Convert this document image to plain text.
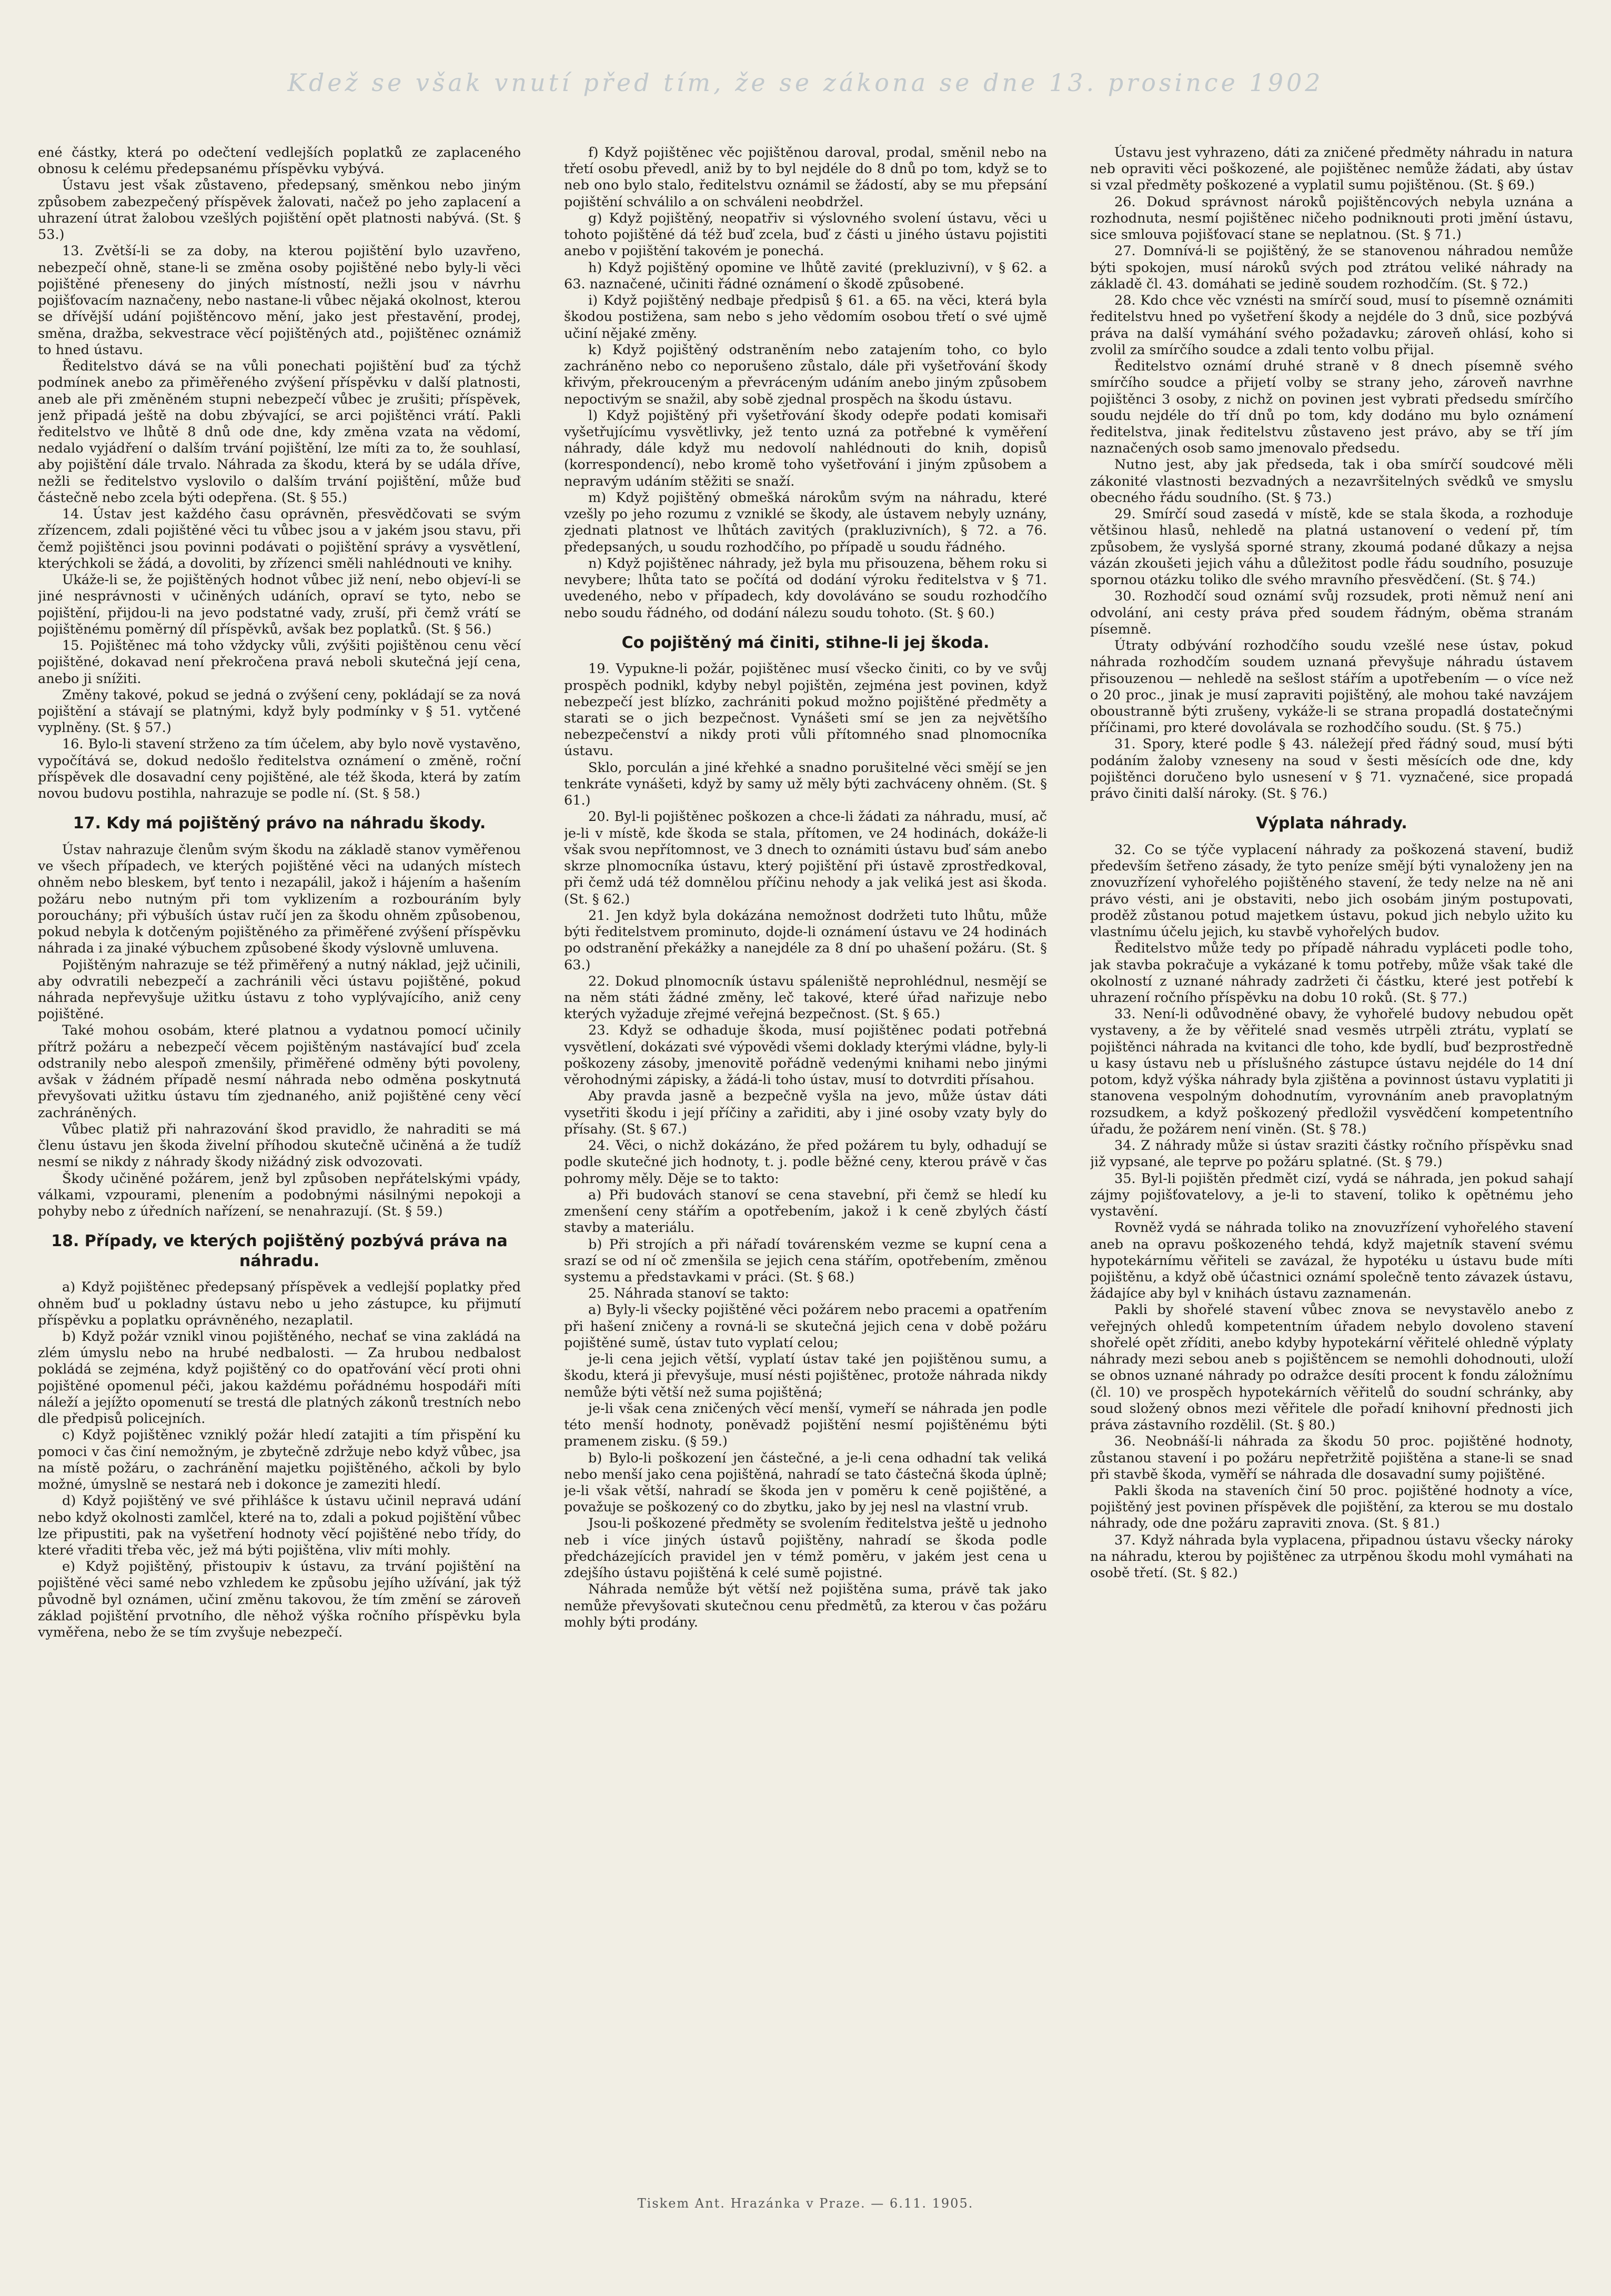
Kdež se však vnutí před tím, že se zákona se dne 13. prosince 1902

ené částky, která po odečtení vedlejších poplatků ze zaplaceného obnosu k celému předepsanému příspěvku vybývá.

Ústavu jest však zůstaveno, předepsaný, směnkou nebo jiným způsobem zabezpečený příspěvek žalovati, načež po jeho zaplacení a uhrazení útrat žalobou vzešlých pojištění opět platnosti nabývá. (St. § 53.)

13. Zvětší-li se za doby, na kterou pojištění bylo uzavřeno, nebezpečí ohně, stane-li se změna osoby pojištěné nebo byly-li věci pojištěné přeneseny do jiných místností, nežli jsou v návrhu pojišťovacím naznačeny, nebo nastane-li vůbec nějaká okolnost, kterou se dřívější udání pojištěncovo mění, jako jest přestavění, prodej, směna, dražba, sekvestrace věcí pojištěných atd., pojištěnec oznámiž to hned ústavu.

Ředitelstvo dává se na vůli ponechati pojištění buď za týchž podmínek anebo za přiměřeného zvýšení příspěvku v další platnosti, aneb ale při změněném stupni nebezpečí vůbec je zrušiti; příspěvek, jenž připadá ještě na dobu zbývající, se arci pojištěnci vrátí. Pakli ředitelstvo ve lhůtě 8 dnů ode dne, kdy změna vzata na vědomí, nedalo vyjádření o dalším trvání pojištění, lze míti za to, že souhlasí, aby pojištění dále trvalo. Náhrada za škodu, která by se udála dříve, nežli se ředitelstvo vyslovilo o dalším trvání pojištění, může buď částečně nebo zcela býti odepřena. (St. § 55.)

14. Ústav jest každého času oprávněn, přesvědčovati se svým zřízencem, zdali pojištěné věci tu vůbec jsou a v jakém jsou stavu, při čemž pojištěnci jsou povinni podávati o pojištění správy a vysvětlení, kterýchkoli se žádá, a dovoliti, by zřízenci směli nahlédnouti ve knihy.

Ukáže-li se, že pojištěných hodnot vůbec již není, nebo objeví-li se jiné nesprávnosti v učiněných udáních, opraví se tyto, nebo se pojištění, přijdou-li na jevo podstatné vady, zruší, při čemž vrátí se pojištěnému poměrný díl příspěvků, avšak bez poplatků. (St. § 56.)

15. Pojištěnec má toho vždycky vůli, zvýšiti pojištěnou cenu věcí pojištěné, dokavad není překročena pravá neboli skutečná její cena, anebo ji snížiti.

Změny takové, pokud se jedná o zvýšení ceny, pokládají se za nová pojištění a stávají se platnými, když byly podmínky v § 51. vytčené vyplněny. (St. § 57.)

16. Bylo-li stavení strženo za tím účelem, aby bylo nově vystavěno, vypočítává se, dokud nedošlo ředitelstva oznámení o změně, roční příspěvek dle dosavadní ceny pojištěné, ale též škoda, která by zatím novou budovu postihla, nahrazuje se podle ní. (St. § 58.)

17. Kdy má pojištěný právo na náhradu škody.

Ústav nahrazuje členům svým škodu na základě stanov vyměřenou ve všech případech, ve kterých pojištěné věci na udaných místech ohněm nebo bleskem, byť tento i nezapálil, jakož i hájením a hašením požáru nebo nutným při tom vyklizením a rozbouráním byly porouchány; při výbuších ústav ručí jen za škodu ohněm způsobenou, pokud nebyla k dotčeným pojištěného za přiměřené zvýšení příspěvku náhrada i za jinaké výbuchem způsobené škody výslovně umluvena.

Pojištěným nahrazuje se též přiměřený a nutný náklad, jejž učinili, aby odvratili nebezpečí a zachránili věci ústavu pojištěné, pokud náhrada nepřevyšuje užitku ústavu z toho vyplývajícího, aniž ceny pojištěné.

Také mohou osobám, které platnou a vydatnou pomocí učinily přítrž požáru a nebezpečí věcem pojištěným nastávající buď zcela odstranily nebo alespoň zmenšily, přiměřené odměny býti povoleny, avšak v žádném případě nesmí náhrada nebo odměna poskytnutá převyšovati užitku ústavu tím zjednaného, aniž pojištěné ceny věcí zachráněných.

Vůbec platiž při nahrazování škod pravidlo, že nahraditi se má členu ústavu jen škoda živelní příhodou skutečně učiněná a že tudíž nesmí se nikdy z náhrady škody nižádný zisk odvozovati.

Škody učiněné požárem, jenž byl způsoben nepřátelskými vpády, válkami, vzpourami, plenením a podobnými násilnými nepokoji a pohyby nebo z úředních nařízení, se nenahrazují. (St. § 59.)

18. Případy, ve kterých pojištěný pozbývá práva na náhradu.

a) Když pojištěnec předepsaný příspěvek a vedlejší poplatky před ohněm buď u pokladny ústavu nebo u jeho zástupce, ku přijmutí příspěvku a poplatku oprávněného, nezaplatil.

b) Když požár vznikl vinou pojištěného, nechať se vina zakládá na zlém úmyslu nebo na hrubé nedbalosti. — Za hrubou nedbalost pokládá se zejména, když pojištěný co do opatřování věcí proti ohni pojištěné opomenul péči, jakou každému pořádnému hospodáři míti náleží a jejížto opomenutí se trestá dle platných zákonů trestních nebo dle předpisů policejních.

c) Když pojištěnec vzniklý požár hledí zatajiti a tím přispění ku pomoci v čas činí nemožným, je zbytečně zdržuje nebo když vůbec, jsa na místě požáru, o zachránění majetku pojištěného, ačkoli by bylo možné, úmyslně se nestará neb i dokonce je zameziti hledí.

d) Když pojištěný ve své přihlášce k ústavu učinil nepravá udání nebo když okolnosti zamlčel, které na to, zdali a pokud pojištění vůbec lze připustiti, pak na vyšetření hodnoty věcí pojištěné nebo třídy, do které vřaditi třeba věc, jež má býti pojištěna, vliv míti mohly.

e) Když pojištěný, přistoupiv k ústavu, za trvání pojištění na pojištěné věci samé nebo vzhledem ke způsobu jejího užívání, jak týž původně byl oznámen, učiní změnu takovou, že tím změní se zároveň základ pojištění prvotního, dle něhož výška ročního příspěvku byla vyměřena, nebo že se tím zvyšuje nebezpečí.

f) Když pojištěnec věc pojištěnou daroval, prodal, směnil nebo na třetí osobu převedl, aniž by to byl nejdéle do 8 dnů po tom, když se to neb ono bylo stalo, ředitelstvu oznámil se žádostí, aby se mu přepsání pojištění schválilo a on schváleni neobdržel.

g) Když pojištěný, neopatřiv si výslovného svolení ústavu, věci u tohoto pojištěné dá též buď zcela, buď z části u jiného ústavu pojistiti anebo v pojištění takovém je ponechá.

h) Když pojištěný opomine ve lhůtě zavité (prekluzivní), v § 62. a 63. naznačené, učiniti řádné oznámení o škodě způsobené.

i) Když pojištěný nedbaje předpisů § 61. a 65. na věci, která byla škodou postižena, sam nebo s jeho vědomím osobou třetí o své ujmě učiní nějaké změny.

k) Když pojištěný odstraněním nebo zatajením toho, co bylo zachráněno nebo co neporušeno zůstalo, dále při vyšetřování škody křivým, překrouceným a převráceným udáním anebo jiným způsobem nepoctivým se snažil, aby sobě zjednal prospěch na škodu ústavu.

l) Když pojištěný při vyšetřování škody odepře podati komisaři vyšetřujícímu vysvětlivky, jež tento uzná za potřebné k vyměření náhrady, dále když mu nedovolí nahlédnouti do knih, dopisů (korrespondencí), nebo kromě toho vyšetřování i jiným způsobem a nepravým udáním stěžiti se snaží.

m) Když pojištěný obmešká nárokům svým na náhradu, které vzešly po jeho rozumu z vzniklé se škody, ale ústavem nebyly uznány, zjednati platnost ve lhůtách zavitých (prakluzivních), § 72. a 76. předepsaných, u soudu rozhodčího, po případě u soudu řádného.

n) Když pojištěnec náhrady, jež byla mu přisouzena, během roku si nevybere; lhůta tato se počítá od dodání výroku ředitelstva v § 71. uvedeného, nebo v případech, kdy dovoláváno se soudu rozhodčího nebo soudu řádného, od dodání nálezu soudu tohoto. (St. § 60.)

Co pojištěný má činiti, stihne-li jej škoda.

19. Vypukne-li požár, pojištěnec musí všecko činiti, co by ve svůj prospěch podnikl, kdyby nebyl pojištěn, zejména jest povinen, když nebezpečí jest blízko, zachrániti pokud možno pojištěné předměty a starati se o jich bezpečnost. Vynášeti smí se jen za největšího nebezpečenství a nikdy proti vůli přítomného snad plnomocníka ústavu.

Sklo, porculán a jiné křehké a snadno porušitelné věci smějí se jen tenkráte vynášeti, když by samy už měly býti zachváceny ohněm. (St. § 61.)

20. Byl-li pojištěnec poškozen a chce-li žádati za náhradu, musí, ač je-li v místě, kde škoda se stala, přítomen, ve 24 hodinách, dokáže-li však svou nepřítomnost, ve 3 dnech to oznámiti ústavu buď sám anebo skrze plnomocníka ústavu, který pojištění při ústavě zprostředkoval, při čemž udá též domnělou příčinu nehody a jak veliká jest asi škoda. (St. § 62.)

21. Jen když byla dokázána nemožnost dodržeti tuto lhůtu, může býti ředitelstvem prominuto, dojde-li oznámení ústavu ve 24 hodinách po odstranění překážky a nanejdéle za 8 dní po uhašení požáru. (St. § 63.)

22. Dokud plnomocník ústavu spáleniště neprohlédnul, nesmějí se na něm státi žádné změny, leč takové, které úřad nařizuje nebo kterých vyžaduje zřejmé veřejná bezpečnost. (St. § 65.)

23. Když se odhaduje škoda, musí pojištěnec podati potřebná vysvětlení, dokázati své výpovědi všemi doklady kterými vládne, byly-li poškozeny zásoby, jmenovitě pořádně vedenými knihami nebo jinými věrohodnými zápisky, a žádá-li toho ústav, musí to dotvrditi přísahou.

Aby pravda jasně a bezpečně vyšla na jevo, může ústav dáti vysetřiti škodu i její příčiny a zařiditi, aby i jiné osoby vzaty byly do přísahy. (St. § 67.)

24. Věci, o nichž dokázáno, že před požárem tu byly, odhadují se podle skutečné jich hodnoty, t. j. podle běžné ceny, kterou právě v čas pohromy měly. Děje se to takto:

a) Při budovách stanoví se cena stavební, při čemž se hledí ku zmenšení ceny stářím a opotřebením, jakož i k ceně zbylých částí stavby a materiálu.

b) Při strojích a při nářadí továrenském vezme se kupní cena a srazí se od ní oč zmenšila se jejich cena stářím, opotřebením, změnou systemu a představkami v práci. (St. § 68.)

25. Náhrada stanoví se takto:

a) Byly-li všecky pojištěné věci požárem nebo pracemi a opatřením při hašení zničeny a rovná-li se skutečná jejich cena v době požáru pojištěné sumě, ústav tuto vyplatí celou;

je-li cena jejich větší, vyplatí ústav také jen pojištěnou sumu, a škodu, která ji převyšuje, musí nésti pojištěnec, protože náhrada nikdy nemůže býti větší než suma pojištěná;

je-li však cena zničených věcí menší, vymeří se náhrada jen podle této menší hodnoty, poněvadž pojištění nesmí pojištěnému býti pramenem zisku. (§ 59.)

b) Bylo-li poškození jen částečné, a je-li cena odhadní tak veliká nebo menší jako cena pojištěná, nahradí se tato částečná škoda úplně; je-li však větší, nahradí se škoda jen v poměru k ceně pojištěné, a považuje se poškozený co do zbytku, jako by jej nesl na vlastní vrub.

Jsou-li poškozené předměty se svolením ředitelstva ještě u jednoho neb i více jiných ústavů pojištěny, nahradí se škoda podle předcházejících pravidel jen v témž poměru, v jakém jest cena u zdejšího ústavu pojištěná k celé sumě pojistné.

Náhrada nemůže být větší než pojištěna suma, právě tak jako nemůže převyšovati skutečnou cenu předmětů, za kterou v čas požáru mohly býti prodány.

Ústavu jest vyhrazeno, dáti za zničené předměty náhradu in natura neb opraviti věci poškozené, ale pojištěnec nemůže žádati, aby ústav si vzal předměty poškozené a vyplatil sumu pojištěnou. (St. § 69.)

26. Dokud správnost nároků pojištěncových nebyla uznána a rozhodnuta, nesmí pojištěnec ničeho podniknouti proti jmění ústavu, sice smlouva pojišťovací stane se neplatnou. (St. § 71.)

27. Domnívá-li se pojištěný, že se stanovenou náhradou nemůže býti spokojen, musí nároků svých pod ztrátou veliké náhrady na základě čl. 43. domáhati se jedině soudem rozhodčím. (St. § 72.)

28. Kdo chce věc vznésti na smírčí soud, musí to písemně oznámiti ředitelstvu hned po vyšetření škody a nejdéle do 3 dnů, sice pozbývá práva na další vymáhání svého požadavku; zároveň ohlásí, koho si zvolil za smírčího soudce a zdali tento volbu přijal.

Ředitelstvo oznámí druhé straně v 8 dnech písemně svého smírčího soudce a přijetí volby se strany jeho, zároveň navrhne pojištěnci 3 osoby, z nichž on povinen jest vybrati předsedu smírčího soudu nejdéle do tří dnů po tom, kdy dodáno mu bylo oznámení ředitelstva, jinak ředitelstvu zůstaveno jest právo, aby se tří jím naznačených osob samo jmenovalo předsedu.

Nutno jest, aby jak předseda, tak i oba smírčí soudcové měli zákonité vlastnosti bezvadných a nezavršitelných svědků ve smyslu obecného řádu soudního. (St. § 73.)

29. Smírčí soud zasedá v místě, kde se stala škoda, a rozhoduje většinou hlasů, nehledě na platná ustanovení o vedení př, tím způsobem, že vyslyšá sporné strany, zkoumá podané důkazy a nejsa vázán zkoušeti jejich váhu a důležitost podle řádu soudního, posuzuje spornou otázku toliko dle svého mravního přesvědčení. (St. § 74.)

30. Rozhodčí soud oznámí svůj rozsudek, proti němuž není ani odvolání, ani cesty práva před soudem řádným, oběma stranám písemně.

Útraty odbývání rozhodčího soudu vzešlé nese ústav, pokud náhrada rozhodčím soudem uznaná převyšuje náhradu ústavem přisouzenou — nehledě na sešlost stářím a upotřebením — o více než o 20 proc., jinak je musí zapraviti pojištěný, ale mohou také navzájem oboustranně býti zrušeny, vykáže-li se strana propadlá dostatečnými příčinami, pro které dovolávala se rozhodčího soudu. (St. § 75.)

31. Spory, které podle § 43. náležejí před řádný soud, musí býti podáním žaloby vzneseny na soud v šesti měsících ode dne, kdy pojištěnci doručeno bylo usnesení v § 71. vyznačené, sice propadá právo činiti další nároky. (St. § 76.)

Výplata náhrady.

32. Co se týče vyplacení náhrady za poškozená stavení, budiž především šetřeno zásady, že tyto peníze smějí býti vynaloženy jen na znovuzřízení vyhořelého pojištěného stavení, že tedy nelze na ně ani právo vésti, ani je obstaviti, nebo jich osobám jiným postupovati, proděž zůstanou potud majetkem ústavu, pokud jich nebylo užito ku vlastnímu účelu jejich, ku stavbě vyhořelých budov.

Ředitelstvo může tedy po případě náhradu vypláceti podle toho, jak stavba pokračuje a vykázané k tomu potřeby, může však také dle okolností z uznané náhrady zadržeti či částku, které jest potřebí k uhrazení ročního příspěvku na dobu 10 roků. (St. § 77.)

33. Není-li odůvodněné obavy, že vyhořelé budovy nebudou opět vystaveny, a že by věřitelé snad vesměs utrpěli ztrátu, vyplatí se pojištěnci náhrada na kvitanci dle toho, kde bydlí, buď bezprostředně u kasy ústavu neb u příslušného zástupce ústavu nejdéle do 14 dní potom, když výška náhrady byla zjištěna a povinnost ústavu vyplatiti ji stanovena vespolným dohodnutím, vyrovnáním aneb pravoplatným rozsudkem, a když poškozený předložil vysvědčení kompetentního úřadu, že požárem není viněn. (St. § 78.)

34. Z náhrady může si ústav sraziti částky ročního příspěvku snad již vypsané, ale teprve po požáru splatné. (St. § 79.)

35. Byl-li pojištěn předmět cizí, vydá se náhrada, jen pokud sahají zájmy pojišťovatelovy, a je-li to stavení, toliko k opětnému jeho vystavění.

Rovněž vydá se náhrada toliko na znovuzřízení vyhořelého stavení aneb na opravu poškozeného tehdá, když majetník stavení svému hypotekárnímu věřiteli se zavázal, že hypotéku u ústavu bude míti pojištěnu, a když obě účastnici oznámí společně tento závazek ústavu, žádajíce aby byl v knihách ústavu zaznamenán.

Pakli by shořelé stavení vůbec znova se nevystavělo anebo z veřejných ohledů kompetentním úřadem nebylo dovoleno stavení shořelé opět zříditi, anebo kdyby hypotekární věřitelé ohledně výplaty náhrady mezi sebou aneb s pojištěncem se nemohli dohodnouti, uloží se obnos uznané náhrady po odražce desíti procent k fondu záložnímu (čl. 10) ve prospěch hypotekárních věřitelů do soudní schránky, aby soud složený obnos mezi věřitele dle pořadí knihovní přednosti jich práva zástavního rozdělil. (St. § 80.)

36. Neobnáší-li náhrada za škodu 50 proc. pojištěné hodnoty, zůstanou stavení i po požáru nepřetržitě pojištěna a stane-li se snad při stavbě škoda, vyměří se náhrada dle dosavadní sumy pojištěné.

Pakli škoda na staveních činí 50 proc. pojištěné hodnoty a více, pojištěný jest povinen příspěvek dle pojištění, za kterou se mu dostalo náhrady, ode dne požáru zapraviti znova. (St. § 81.)

37. Když náhrada byla vyplacena, připadnou ústavu všecky nároky na náhradu, kterou by pojištěnec za utrpěnou škodu mohl vymáhati na osobě třetí. (St. § 82.)

Tiskem Ant. Hrazánka v Praze. — 6.11. 1905.
